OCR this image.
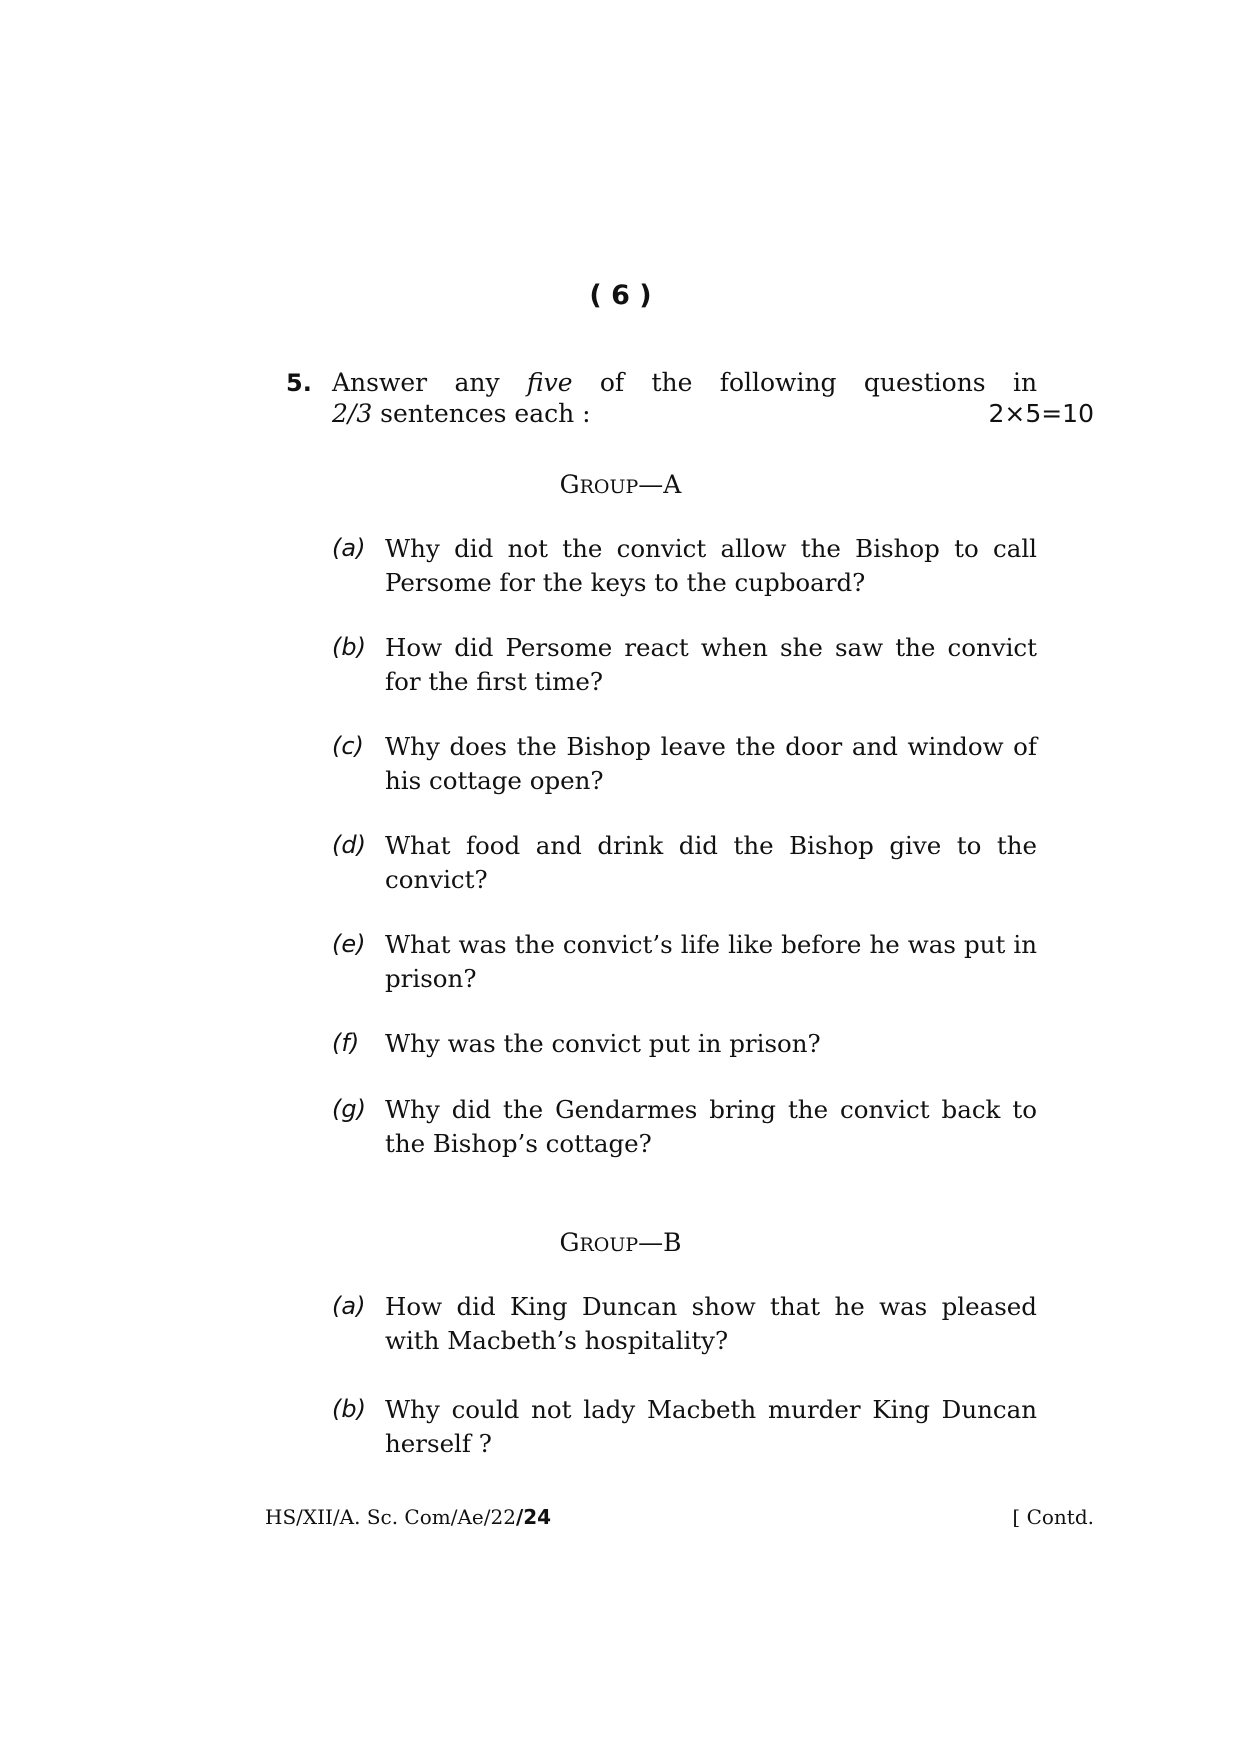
( 6 )
5. Answer any five of the following questions in
2/3 sentences each :	2×5=10
GROUP—A
(a) Why did not the convict allow the Bishop to call Persome for the keys to the cupboard?
(b) How did Persome react when she saw the convict for the first time?
(c) Why does the Bishop leave the door and window of his cottage open?
(d) What food and drink did the Bishop give to the convict?
(e) What was the convict’s life like before he was put in prison?
(f) Why was the convict put in prison?
(g) Why did the Gendarmes bring the convict back to the Bishop’s cottage?
GROUP—B
(a) How did King Duncan show that he was pleased with Macbeth’s hospitality?
(b) Why could not lady Macbeth murder King Duncan herself ?
HS/XII/A. Sc. Com/Ae/22/24	[ Contd.
